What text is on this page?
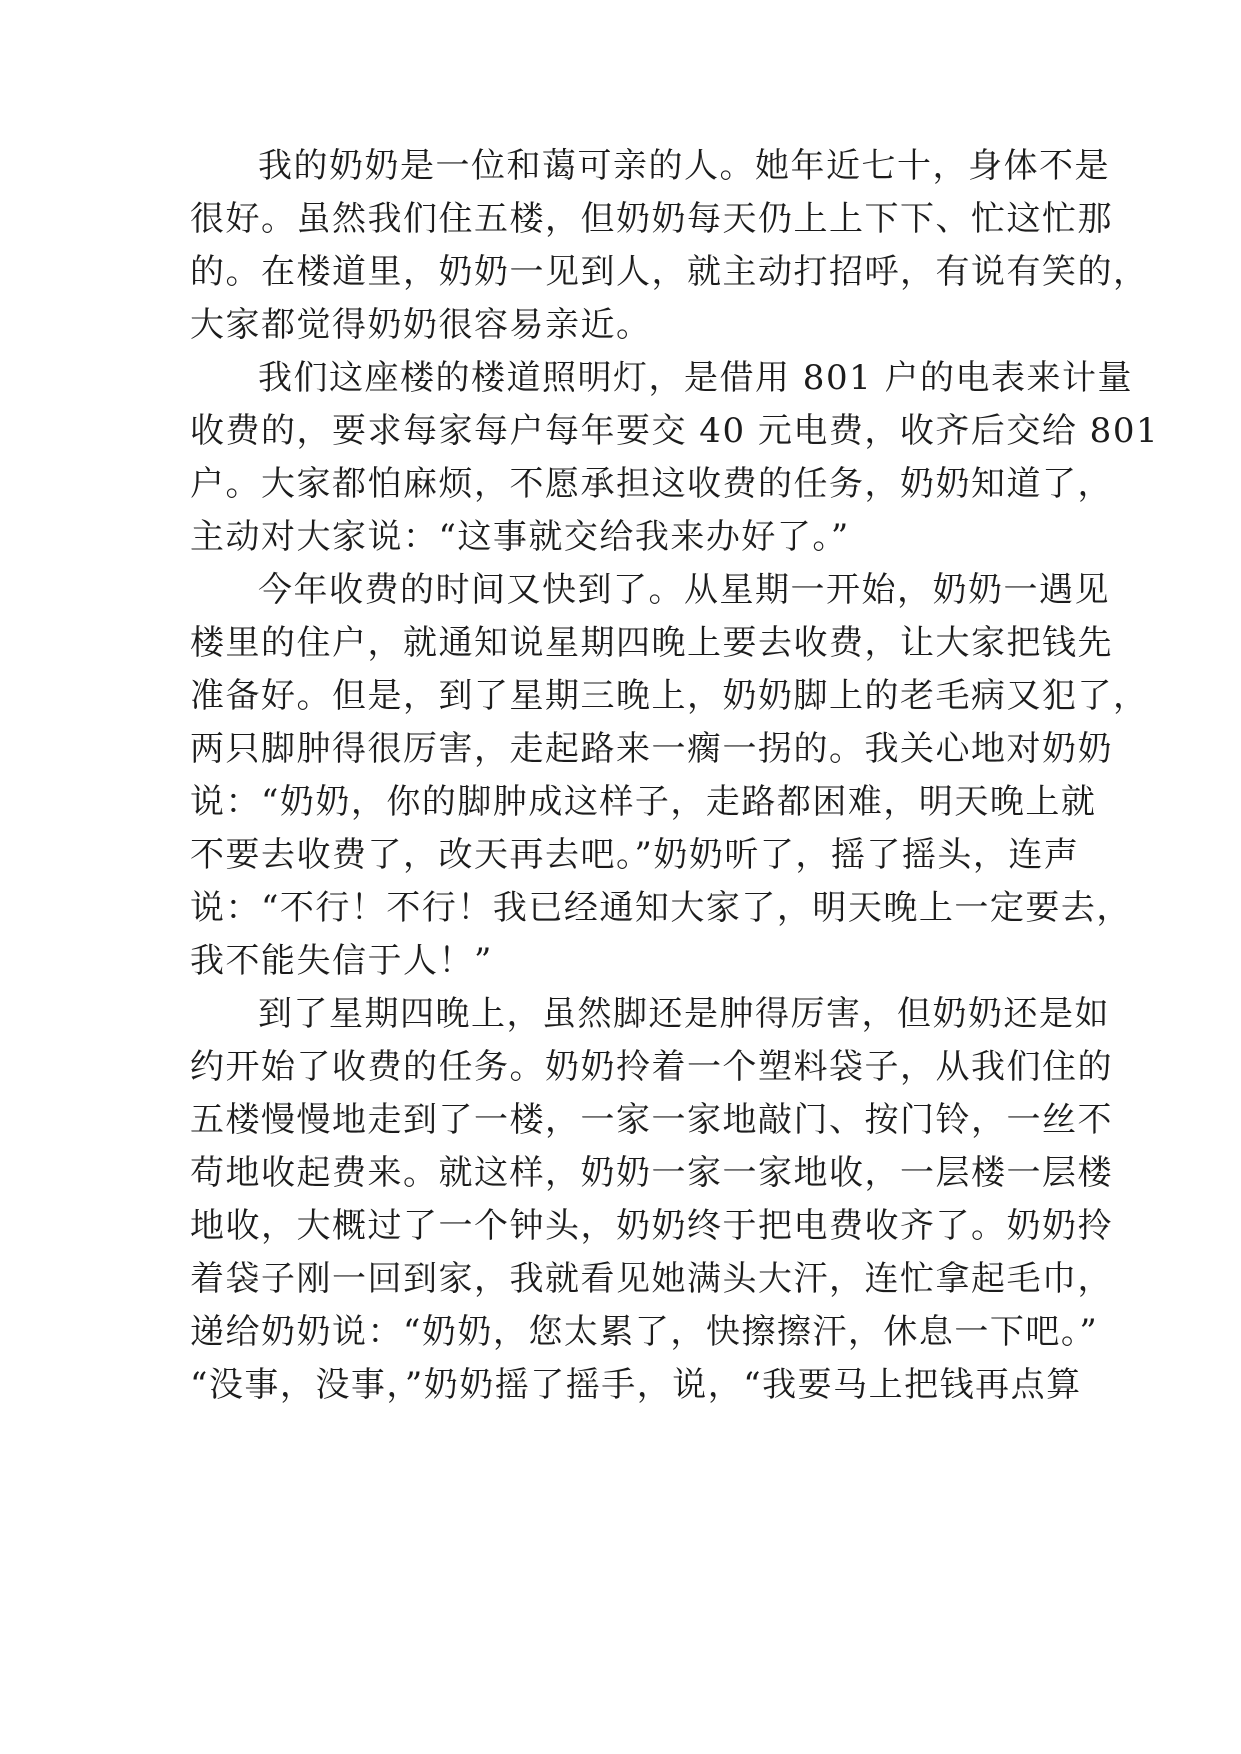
我的奶奶是一位和蔼可亲的人。她年近七十，身体不是
很好。虽然我们住五楼，但奶奶每天仍上上下下、忙这忙那
的。在楼道里，奶奶一见到人，就主动打招呼，有说有笑的，
大家都觉得奶奶很容易亲近。
我们这座楼的楼道照明灯，是借用 801 户的电表来计量
收费的，要求每家每户每年要交 40 元电费，收齐后交给 801
户。大家都怕麻烦，不愿承担这收费的任务，奶奶知道了，
主动对大家说：“这事就交给我来办好了。”
今年收费的时间又快到了。从星期一开始，奶奶一遇见
楼里的住户，就通知说星期四晚上要去收费，让大家把钱先
准备好。但是，到了星期三晚上，奶奶脚上的老毛病又犯了，
两只脚肿得很厉害，走起路来一瘸一拐的。我关心地对奶奶
说：“奶奶，你的脚肿成这样子，走路都困难，明天晚上就
不要去收费了，改天再去吧。”奶奶听了，摇了摇头，连声
说：“不行！不行！我已经通知大家了，明天晚上一定要去，
我不能失信于人！”
到了星期四晚上，虽然脚还是肿得厉害，但奶奶还是如
约开始了收费的任务。奶奶拎着一个塑料袋子，从我们住的
五楼慢慢地走到了一楼，一家一家地敲门、按门铃，一丝不
苟地收起费来。就这样，奶奶一家一家地收，一层楼一层楼
地收，大概过了一个钟头，奶奶终于把电费收齐了。奶奶拎
着袋子刚一回到家，我就看见她满头大汗，连忙拿起毛巾，
递给奶奶说：“奶奶，您太累了，快擦擦汗，休息一下吧。”
“没事，没事，”奶奶摇了摇手，说，“我要马上把钱再点算
